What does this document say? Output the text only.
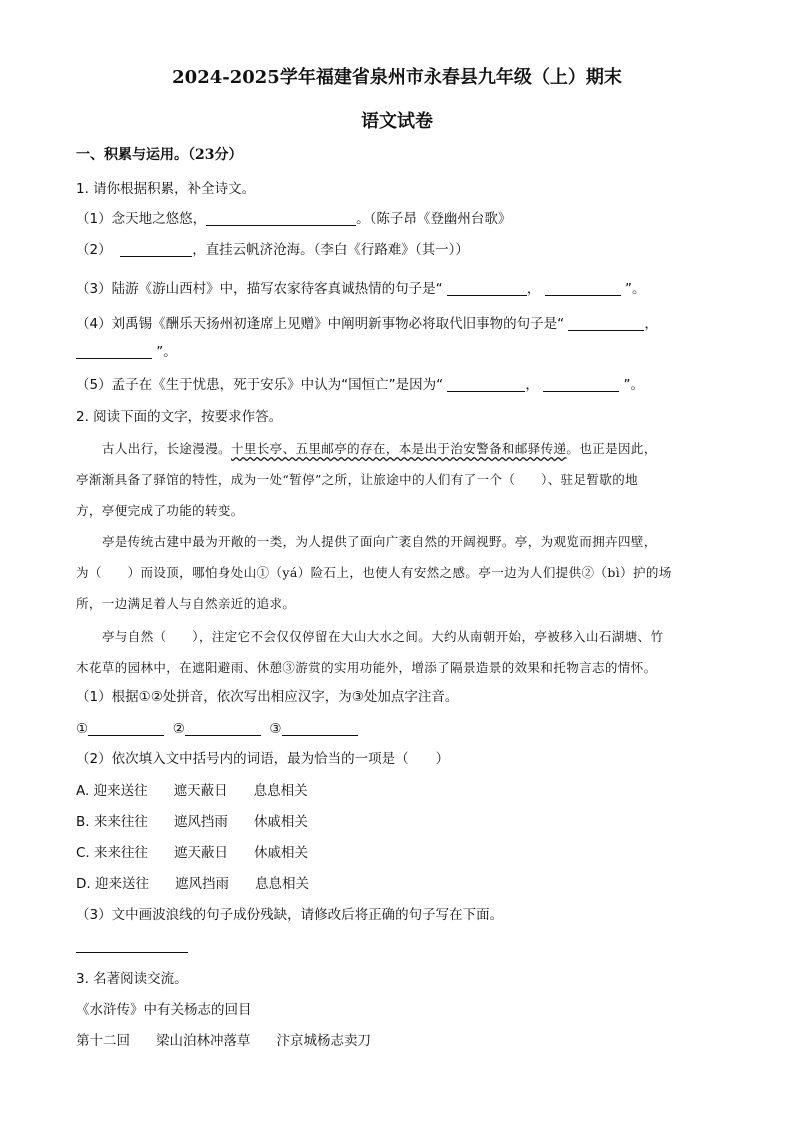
2024-2025学年福建省泉州市永春县九年级（上）期末
语文试卷
一、积累与运用。（23分）
1. 请你根据积累，补全诗文。
（1）念天地之悠悠，	。（陈子昂《登幽州台歌》
（2）	，直挂云帆济沧海。（李白《行路难》（其一））
（3）陆游《游山西村》中，描写农家待客真诚热情的句子是“	，	”。
（4）刘禹锡《酬乐天扬州初逢席上见赠》中阐明新事物必将取代旧事物的句子是“	，
”。
（5）孟子在《生于忧患，死于安乐》中认为“国恒亡”是因为“	，	”。
2. 阅读下面的文字，按要求作答。
古人出行，长途漫漫。十里长亭、五里邮亭的存在，本是出于治安警备和邮驿传递。也正是因此，
亭渐渐具备了驿馆的特性，成为一处“暂停”之所，让旅途中的人们有了一个（　　）、驻足暂歇的地
方，亭便完成了功能的转变。
亭是传统古建中最为开敞的一类，为人提供了面向广袤自然的开阔视野。亭，为观览而拥卉四壁，
为（　　）而设顶，哪怕身处山①（yá）险石上，也使人有安然之感。亭一边为人们提供②（bì）护的场
所，一边满足着人与自然亲近的追求。
亭与自然（　　），注定它不会仅仅停留在大山大水之间。大约从南朝开始，亭被移入山石湖塘、竹
木花草的园林中，在遮阳避雨、休憩③游赏的实用功能外，增添了隔景造景的效果和托物言志的情怀。
（1）根据①②处拼音，依次写出相应汉字，为③处加点字注音。
①	②	③
（2）依次填入文中括号内的词语，最为恰当的一项是（　　）
A. 迎来送往 遮天蔽日 息息相关
B. 来来往往 遮风挡雨 休戚相关
C. 来来往往 遮天蔽日 休戚相关
D. 迎来送往 遮风挡雨 息息相关
（3）文中画波浪线的句子成份残缺，请修改后将正确的句子写在下面。
3. 名著阅读交流。
《水浒传》中有关杨志的回目
第十二回 梁山泊林冲落草 汴京城杨志卖刀
